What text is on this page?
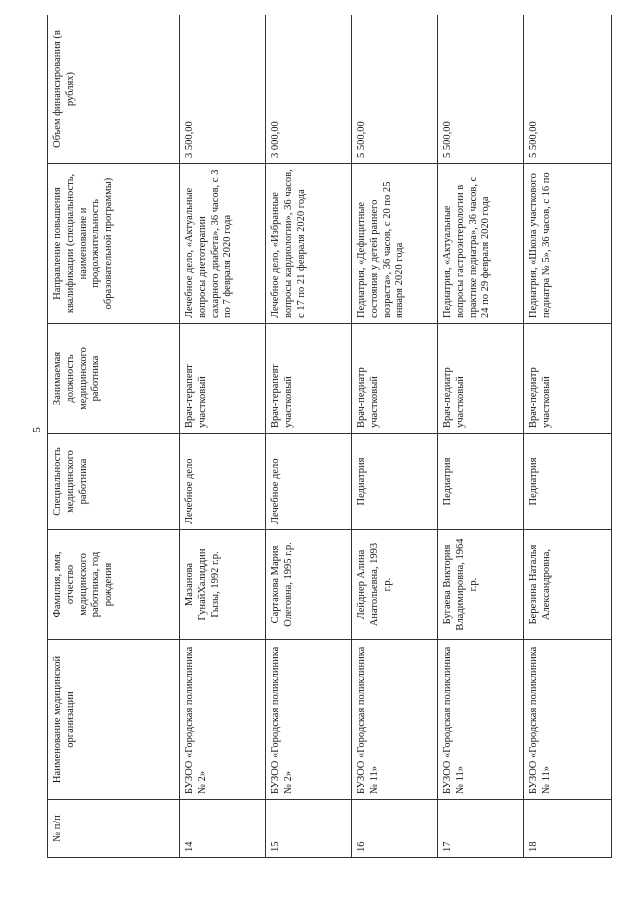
5
№ п/п	Наименование медицинской организации	Фамилия, имя, отчество медицинского работника, год рождения	Специальность медицинского работника	Занимаемая должность медицинского работника	Направление повышения квалификации (специальность, наименование и продолжительность образовательной программы)	Объем финансирования (в рублях)
14	БУЗОО «Городская поликлиника № 2»	Мазанова ГунайХалиддин Гызы, 1992 г.р.	Лечебное дело	Врач-терапевт участковый	Лечебное дело, «Актуальные вопросы диетотерапии сахарного диабета», 36 часов, с 3 по 7 февраля 2020 года	3 500,00
15	БУЗОО «Городская поликлиника № 2»	Сартакова Мария Олеговна, 1995 г.р.	Лечебное дело	Врач-терапевт участковый	Лечебное дело, «Избранные вопросы кардиологии», 36 часов, с 17 по 21 февраля 2020 года	3 000,00
16	БУЗОО «Городская поликлиника № 11»	Лейднер Алина Анатольевна, 1993 г.р.	Педиатрия	Врач-педиатр участковый	Педиатрия, «Дефицитные состояния у детей раннего возраста», 36 часов, с 20 по 25 января 2020 года	5 500,00
17	БУЗОО «Городская поликлиника № 11»	Бугаева Виктория Владимировна, 1964 г.р.	Педиатрия	Врач-педиатр участковый	Педиатрия, «Актуальные вопросы гастроэнтерологии в практике педиатра», 36 часов, с 24 по 29 февраля 2020 года	5 500,00
18	БУЗОО «Городская поликлиника № 11»	Березина Наталья Александровна,	Педиатрия	Врач-педиатр участковый	Педиатрия, «Школа участкового педиатра № 5», 36 часов, с 16 по	5 500,00
